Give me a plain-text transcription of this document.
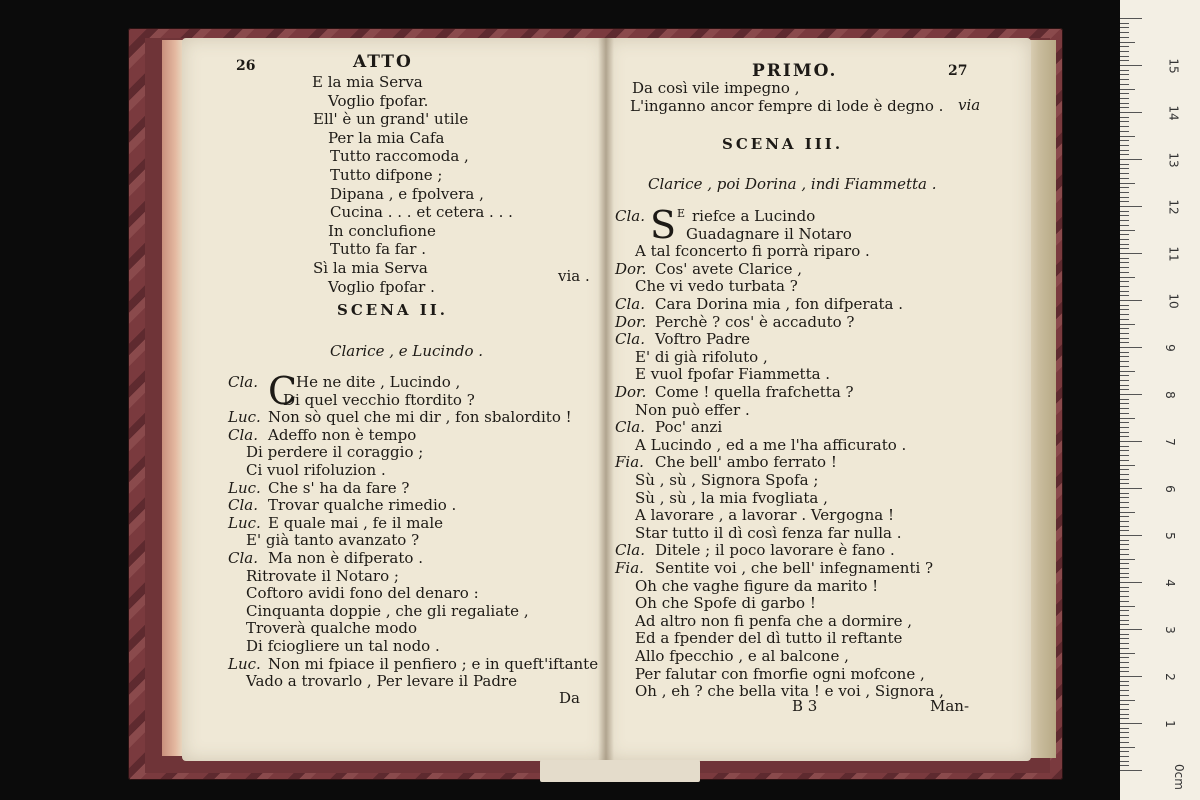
26	ATTO
via .
SCENA II.
Clarice , e Lucindo .
Da
PRIMO.	27
via
SCENA III.
Clarice , poi Dorina , indi Fiammetta .
B 3	Man-
1
2
3
4
5
6
7
8
9
10
11
12
13
14
15
0cm
E la mia Serva
Voglio fpofar.
Ell' è un grand' utile
Per la mia Cafa
Tutto raccomoda ,
Tutto difpone ;
Dipana , e fpolvera ,
Cucina . . . et cetera . . .
In conclufione
Tutto fa far .
Sì la mia Serva
Voglio fpofar .
Cla. C
He ne dite , Lucindo ,
Di quel vecchio ftordito ?
Luc. Non sò quel che mi dir , fon sbalordito !
Cla. Adeffo non è tempo
Di perdere il coraggio ;
Ci vuol rifoluzion .
Luc. Che s' ha da fare ?
Cla. Trovar qualche rimedio .
Luc. E quale mai , fe il male
E' già tanto avanzato ?
Cla. Ma non è difperato .
Ritrovate il Notaro ;
Coftoro avidi fono del denaro :
Cinquanta doppie , che gli regaliate ,
Troverà qualche modo
Di fciogliere un tal nodo .
Luc. Non mi fpiace il penfiero ; e in queft'iftante
Vado a trovarlo , Per levare il Padre
Da così vile impegno ,
L'inganno ancor fempre di lode è degno .
Cla. S E riefce a Lucindo
Guadagnare il Notaro
A tal fconcerto fi porrà riparo .
Dor. Cos' avete Clarice ,
Che vi vedo turbata ?
Cla. Cara Dorina mia , fon difperata .
Dor. Perchè ? cos' è accaduto ?
Cla. Voftro Padre
E' di già rifoluto ,
E vuol fpofar Fiammetta .
Dor. Come ! quella frafchetta ?
Non può effer .
Cla. Poc' anzi
A Lucindo , ed a me l'ha afficurato .
Fia. Che bell' ambo ferrato !
Sù , sù , Signora Spofa ;
Sù , sù , la mia fvogliata ,
A lavorare , a lavorar . Vergogna !
Star tutto il dì così fenza far nulla .
Cla. Ditele ; il poco lavorare è fano .
Fia. Sentite voi , che bell' infegnamenti ?
Oh che vaghe figure da marito !
Oh che Spofe di garbo !
Ad altro non fi penfa che a dormire ,
Ed a fpender del dì tutto il reftante
Allo fpecchio , e al balcone ,
Per falutar con fmorfie ogni mofcone ,
Oh , eh ? che bella vita ! e voi , Signora ,
